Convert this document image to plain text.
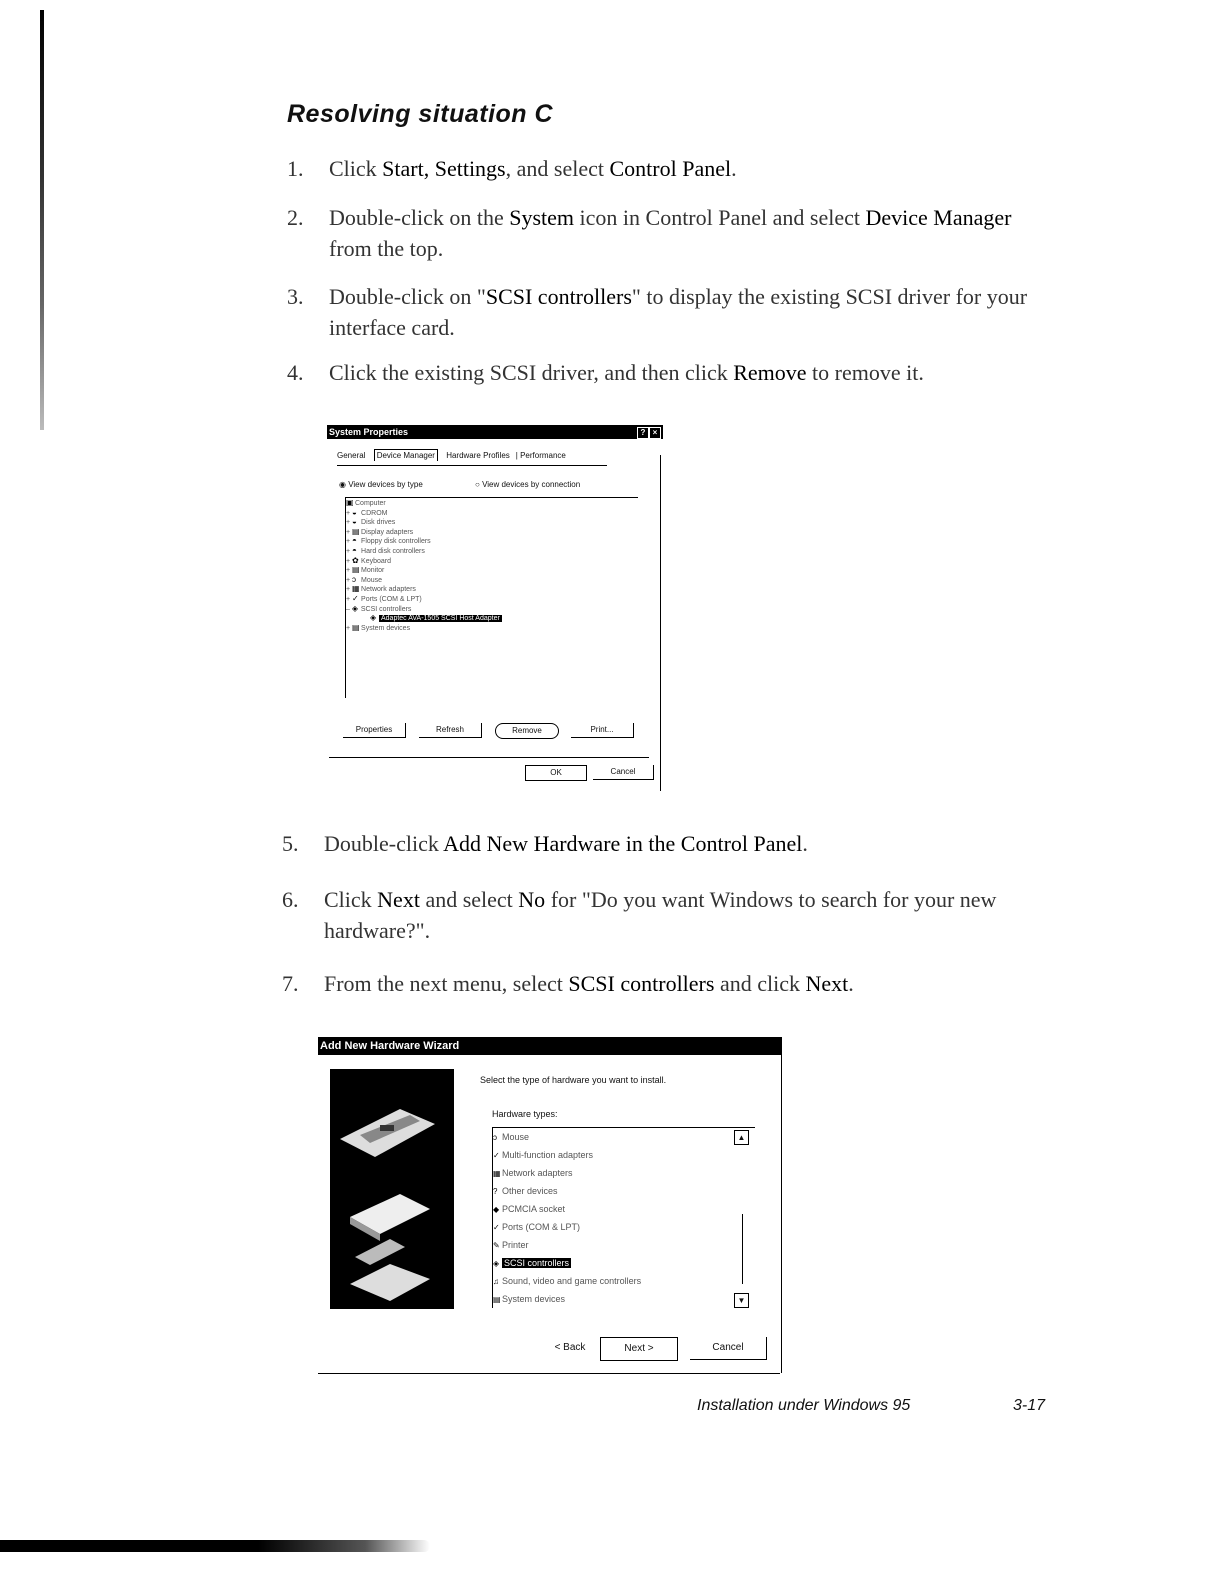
Resolving situation C
1. Click Start, Settings, and select Control Panel.
2. Double-click on the System icon in Control Panel and select Device Manager from the top.
3. Double-click on "SCSI controllers" to display the existing SCSI driver for your interface card.
4. Click the existing SCSI driver, and then click Remove to remove it.
System Properties	? ×
General Device Manager Hardware Profiles | Performance
◉ View devices by type	○ View devices by connection
▣Computer
+ ◒ CDROM
+ ◒ Disk drives
+ ▤Display adapters
+ ◓ Floppy disk controllers
+ ◓ Hard disk controllers
+ ✿ Keyboard
+ ▤Monitor
+ ↄ Mouse
+ ▦Network adapters
+ ✓ Ports (COM & LPT)
– ◈ SCSI controllers
◈ Adaptec AVA-1505 SCSI Host Adapter
+ ▤System devices
Properties	Refresh	Remove	Print...
OK	Cancel
5. Double-click Add New Hardware in the Control Panel.
6. Click Next and select No for "Do you want Windows to search for your new hardware?".
7. From the next menu, select SCSI controllers and click Next.
Add New Hardware Wizard
Select the type of hardware you want to install.
Hardware types:
ↄ Mouse
✓ Multi-function adapters
▦Network adapters
? Other devices
◆ PCMCIA socket
✓ Ports (COM & LPT)
✎ Printer
◈ SCSI controllers
♫ Sound, video and game controllers
▤System devices
▲
▼
< Back	Next >	Cancel
Installation under Windows 95	3-17
